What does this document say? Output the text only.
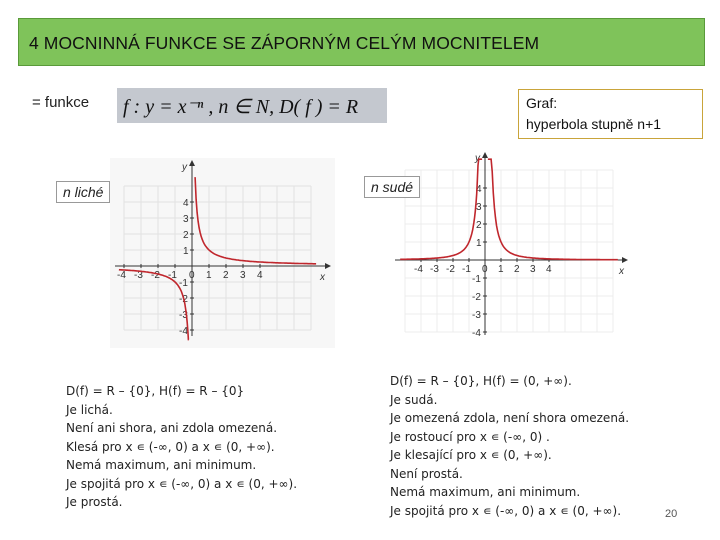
4 MOCNINNÁ FUNKCE SE ZÁPORNÝM CELÝM MOCNITELEM
= funkce f : y = x⁻ⁿ , n ∈ N, D( f ) = R	Graf:
hyperbola stupně n+1
n liché	n sudé
x
y
-4 -3 -2 -1 0 1 2 3 4
4
3
2
1
-1
-2
-3
-4
x
y
-4 -3 -2 -1 0 1 2 3 4
4
3
2
1
-1
-2
-3
-4
D(f) = R – {0}, H(f) = R – {0}
Je lichá.
Není ani shora, ani zdola omezená.
Klesá pro x ∊ (-∞, 0) a x ∊ (0, +∞).
Nemá maximum, ani minimum.
Je spojitá pro x ∊ (-∞, 0) a x ∊ (0, +∞).
Je prostá.
D(f) = R – {0}, H(f) = (0, +∞).
Je sudá.
Je omezená zdola, není shora omezená.
Je rostoucí pro x ∊ (-∞, 0) .
Je klesající pro x ∊ (0, +∞).
Není prostá.
Nemá maximum, ani minimum.
Je spojitá pro x ∊ (-∞, 0) a x ∊ (0, +∞).	20
